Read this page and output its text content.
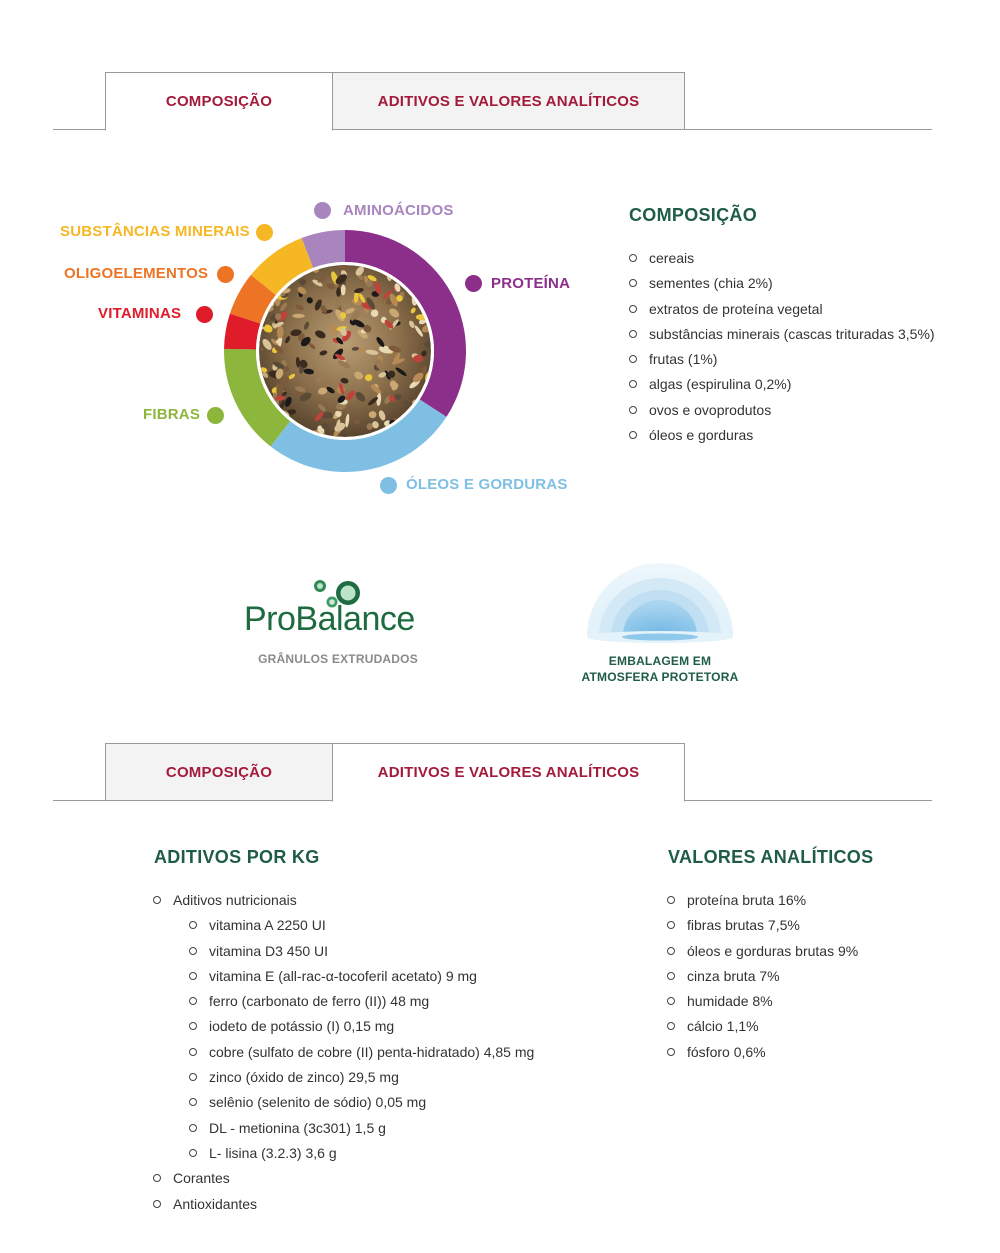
COMPOSIÇÃO	ADITIVOS E VALORES ANALÍTICOS
AMINOÁCIDOS
SUBSTÂNCIAS MINERAIS
OLIGOELEMENTOS
VITAMINAS
FIBRAS
PROTEÍNA
ÓLEOS E GORDURAS
COMPOSIÇÃO
cereais
sementes (chia 2%)
extratos de proteína vegetal
substâncias minerais (cascas trituradas 3,5%)
frutas (1%)
algas (espirulina 0,2%)
ovos e ovoprodutos
óleos e gorduras
ProBalance
GRÂNULOS EXTRUDADOS	EMBALAGEM EM
ATMOSFERA PROTETORA
COMPOSIÇÃO	ADITIVOS E VALORES ANALÍTICOS
ADITIVOS POR KG
Aditivos nutricionais
vitamina A 2250 UI
vitamina D3 450 UI
vitamina E (all-rac-α-tocoferil acetato) 9 mg
ferro (carbonato de ferro (II)) 48 mg
iodeto de potássio (I) 0,15 mg
cobre (sulfato de cobre (II) penta-hidratado) 4,85 mg
zinco (óxido de zinco) 29,5 mg
selênio (selenito de sódio) 0,05 mg
DL - metionina (3c301) 1,5 g
L- lisina (3.2.3) 3,6 g
Corantes
Antioxidantes
VALORES ANALÍTICOS
proteína bruta 16%
fibras brutas 7,5%
óleos e gorduras brutas 9%
cinza bruta 7%
humidade 8%
cálcio 1,1%
fósforo 0,6%
